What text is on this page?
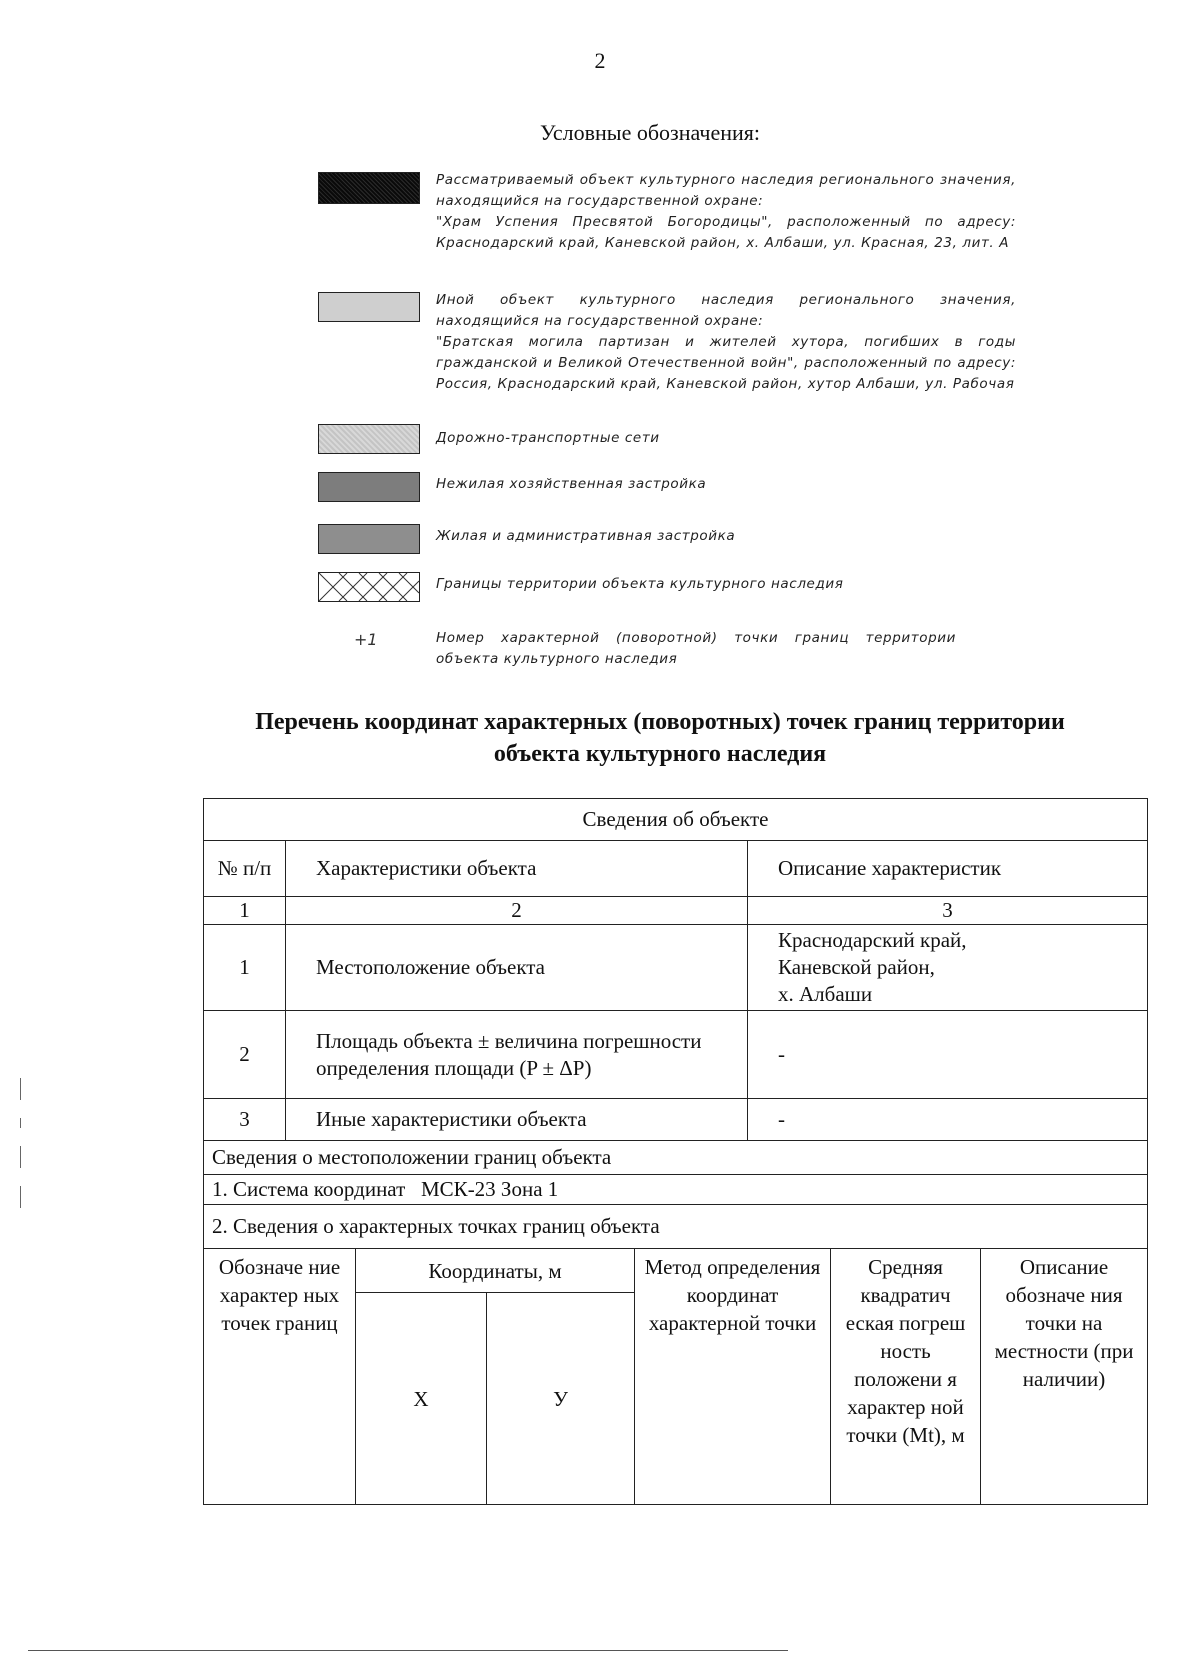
2
Условные обозначения:
Рассматриваемый объект культурного наследия регионального значения, находящийся на государственной охране:
"Храм Успения Пресвятой Богородицы", расположенный по адресу: Краснодарский край, Каневской район, х. Албаши, ул. Красная, 23, лит. А
Иной объект культурного наследия регионального значения, находящийся на государственной охране:
"Братская могила партизан и жителей хутора, погибших в годы гражданской и Великой Отечественной войн", расположенный по адресу: Россия, Краснодарский край, Каневской район, хутор Албаши, ул. Рабочая
Дорожно-транспортные сети
Нежилая хозяйственная застройка
Жилая и административная застройка
Границы территории объекта культурного наследия
+1	Номер характерной (поворотной) точки границ территории объекта культурного наследия
Перечень координат характерных (поворотных) точек границ территории
объекта культурного наследия
Сведения об объекте		
№ п/п	Характеристики объекта	Описание характеристик
1	2	3
1	Местоположение объекта	Краснодарский край,
Каневской район,
х. Албаши
2	Площадь объекта ± величина погрешности определения площади (P ± ΔP)	-
3	Иные характеристики объекта	-
Сведения о местоположении границ объекта		
1. Система координат   МСК-23 Зона 1		
2. Сведения о характерных точках границ объекта		
Обозначе ние характер ных точек границ	Координаты, м		Метод определения координат характерной точки	Средняя квадратич еская погреш ность положени я характер ной точки (Mt), м	Описание обозначе ния точки на местности (при наличии)
	Х	У			
